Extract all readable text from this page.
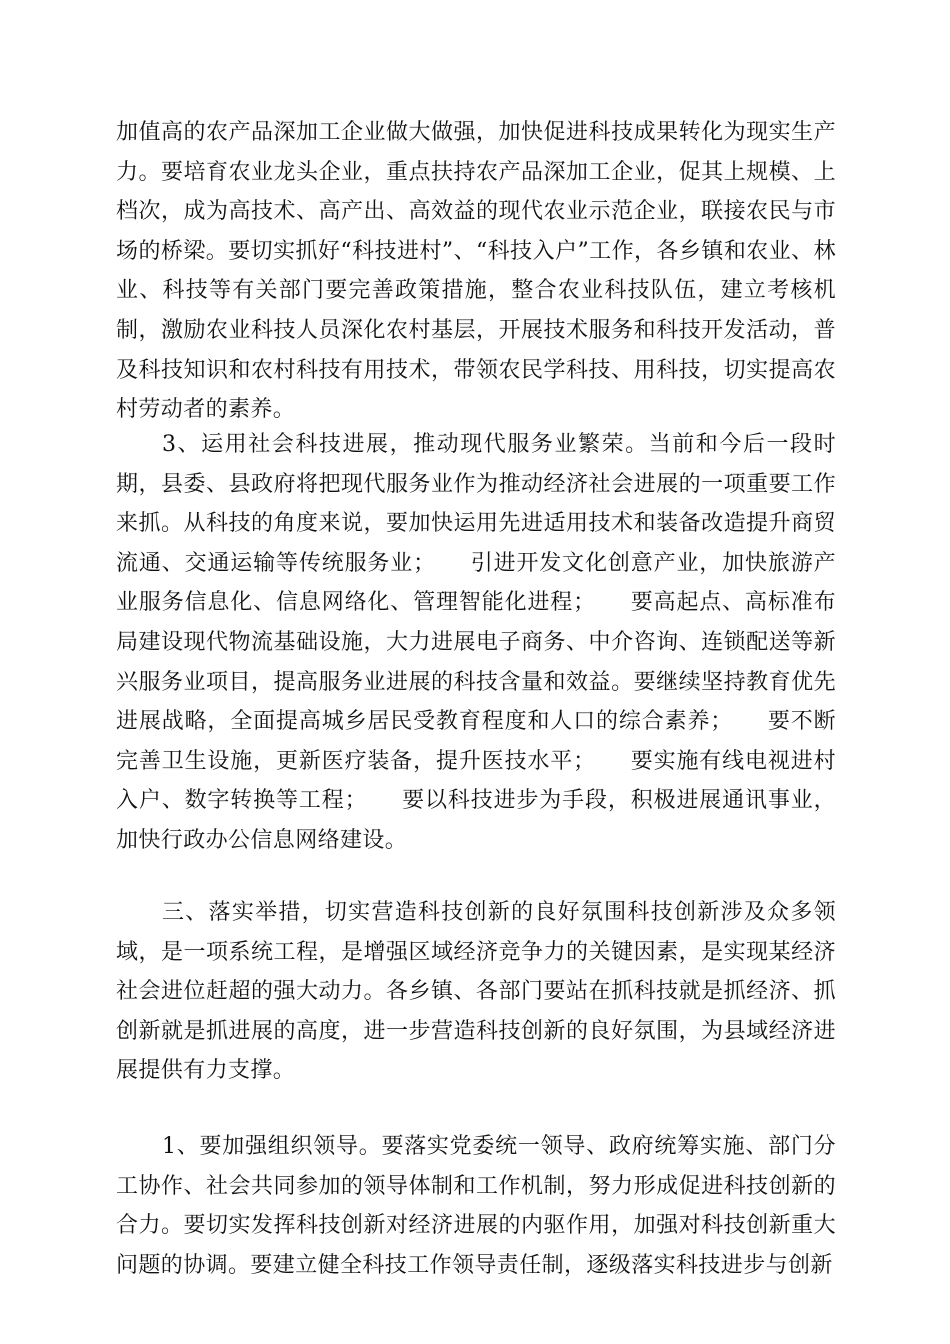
加值高的农产品深加工企业做大做强，加快促进科技成果转化为现实生产力。要培育农业龙头企业，重点扶持农产品深加工企业，促其上规模、上档次，成为高技术、高产出、高效益的现代农业示范企业，联接农民与市场的桥梁。要切实抓好“科技进村”、“科技入户”工作，各乡镇和农业、林业、科技等有关部门要完善政策措施，整合农业科技队伍，建立考核机制，激励农业科技人员深化农村基层，开展技术服务和科技开发活动，普及科技知识和农村科技有用技术，带领农民学科技、用科技，切实提高农村劳动者的素养。

3、运用社会科技进展，推动现代服务业繁荣。当前和今后一段时期，县委、县政府将把现代服务业作为推动经济社会进展的一项重要工作来抓。从科技的角度来说，要加快运用先进适用技术和装备改造提升商贸流通、交通运输等传统服务业；　　引进开发文化创意产业，加快旅游产业服务信息化、信息网络化、管理智能化进程；　　要高起点、高标准布局建设现代物流基础设施，大力进展电子商务、中介咨询、连锁配送等新兴服务业项目，提高服务业进展的科技含量和效益。要继续坚持教育优先进展战略，全面提高城乡居民受教育程度和人口的综合素养；　　要不断完善卫生设施，更新医疗装备，提升医技水平；　　要实施有线电视进村入户、数字转换等工程；　　要以科技进步为手段，积极进展通讯事业，加快行政办公信息网络建设。

三、落实举措，切实营造科技创新的良好氛围科技创新涉及众多领域，是一项系统工程，是增强区域经济竞争力的关键因素，是实现某经济社会进位赶超的强大动力。各乡镇、各部门要站在抓科技就是抓经济、抓创新就是抓进展的高度，进一步营造科技创新的良好氛围，为县域经济进展提供有力支撑。

1、要加强组织领导。要落实党委统一领导、政府统筹实施、部门分工协作、社会共同参加的领导体制和工作机制，努力形成促进科技创新的合力。要切实发挥科技创新对经济进展的内驱作用，加强对科技创新重大问题的协调。要建立健全科技工作领导责任制，逐级落实科技进步与创新
